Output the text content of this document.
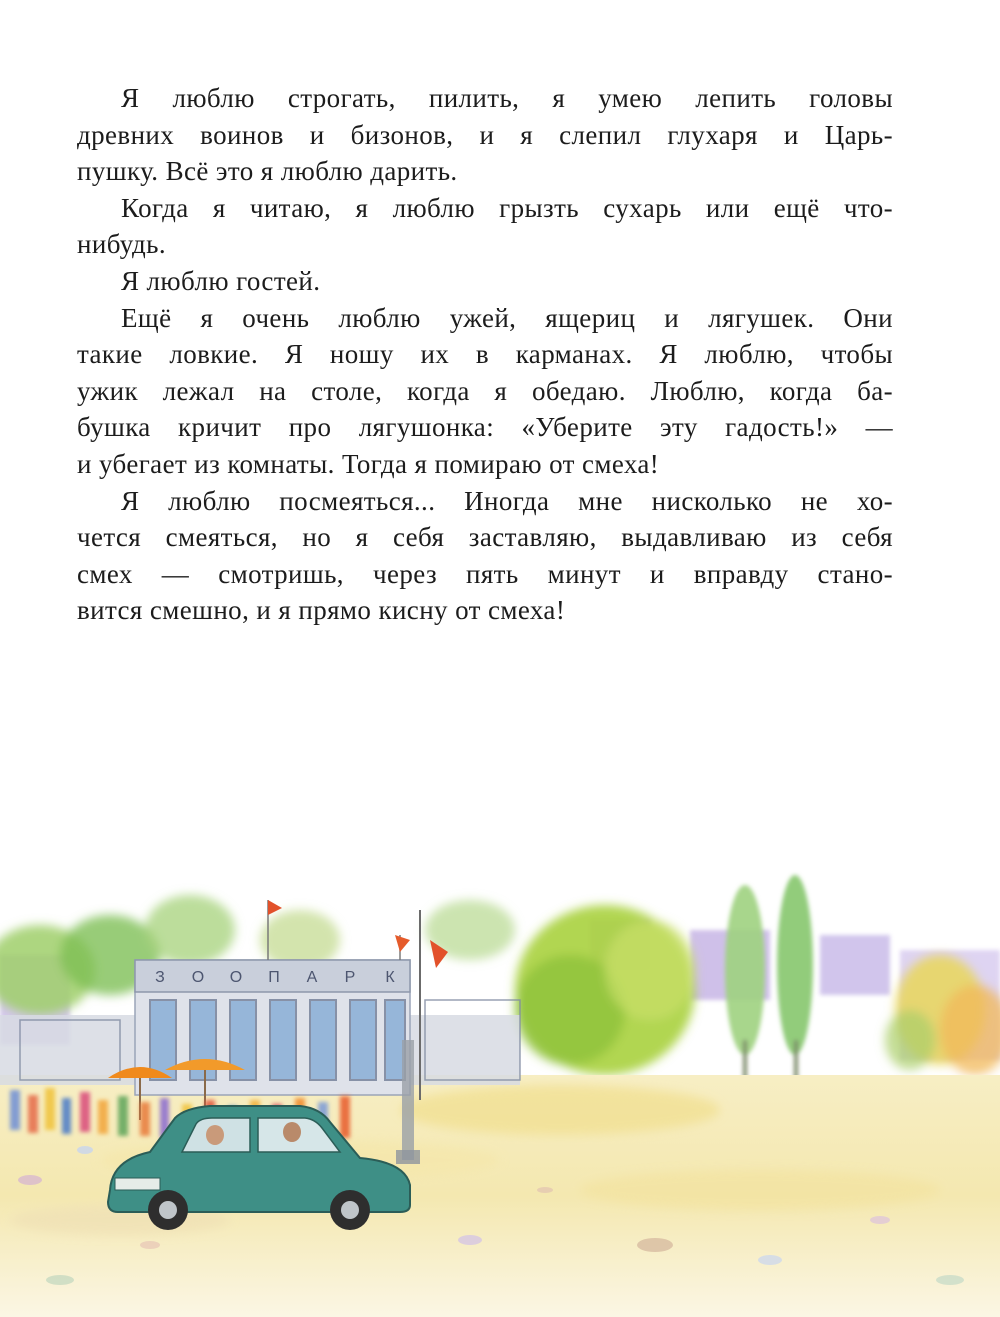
Я люблю строгать, пилить, я умею лепить головы
древних воинов и бизонов, и я слепил глухаря и Царь-
пушку. Всё это я люблю дарить.

Когда я читаю, я люблю грызть сухарь или ещё что-
нибудь.

Я люблю гостей.

Ещё я очень люблю ужей, ящериц и лягушек. Они
такие ловкие. Я ношу их в карманах. Я люблю, чтобы
ужик лежал на столе, когда я обедаю. Люблю, когда ба-
бушка кричит про лягушонка: «Уберите эту гадость!» —
и убегает из комнаты. Тогда я помираю от смеха!

Я люблю посмеяться... Иногда мне нисколько не хо-
чется смеяться, но я себя заставляю, выдавливаю из себя
смех — смотришь, через пять минут и вправду стано-
вится смешно, и я прямо кисну от смеха!

З О О П А Р К
